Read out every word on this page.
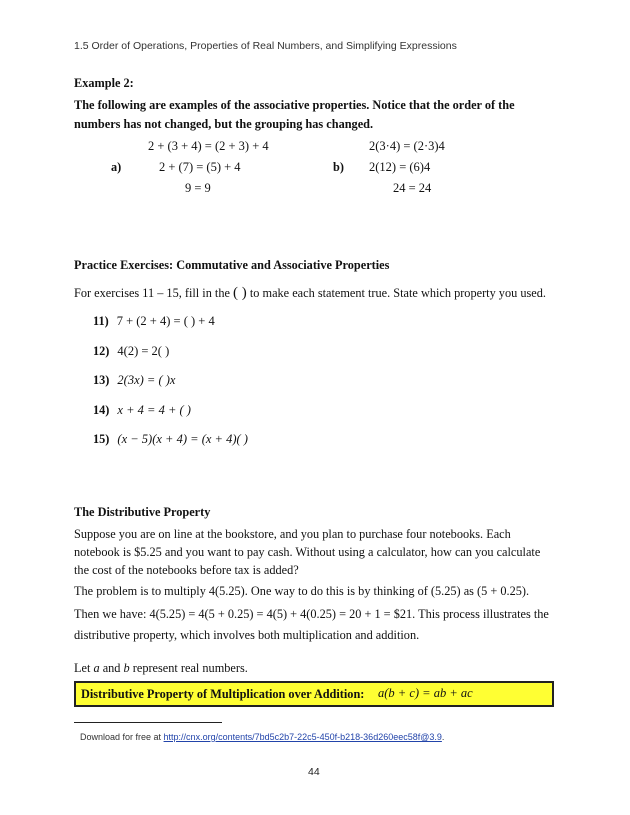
1.5 Order of Operations, Properties of Real Numbers, and Simplifying Expressions
Example 2:
The following are examples of the associative properties. Notice that the order of the
numbers has not changed, but the grouping has changed.
2 + (3 + 4) = (2 + 3) + 4
a)	2 + (7) = (5) + 4
9 = 9
2(3·4) = (2·3)4
b) 2(12) = (6)4
24 = 24
Practice Exercises: Commutative and Associative Properties
For exercises 11 – 15, fill in the ( ) to make each statement true. State which property you used.
11) 7 + (2 + 4) = ( ) + 4
12) 4(2) = 2( )
13) 2(3x) = ( )x
14) x + 4 = 4 + ( )
15) (x − 5)(x + 4) = (x + 4)( )
The Distributive Property
Suppose you are on line at the bookstore, and you plan to purchase four notebooks. Each
notebook is $5.25 and you want to pay cash. Without using a calculator, how can you calculate
the cost of the notebooks before tax is added?
The problem is to multiply 4(5.25). One way to do this is by thinking of (5.25) as (5 + 0.25).
Then we have: 4(5.25) = 4(5 + 0.25) = 4(5) + 4(0.25) = 20 + 1 = $21. This process illustrates the
distributive property, which involves both multiplication and addition.
Let a and b represent real numbers.
Distributive Property of Multiplication over Addition: a(b + c) = ab + ac
Download for free at http://cnx.org/contents/7bd5c2b7-22c5-450f-b218-36d260eec58f@3.9.
44
